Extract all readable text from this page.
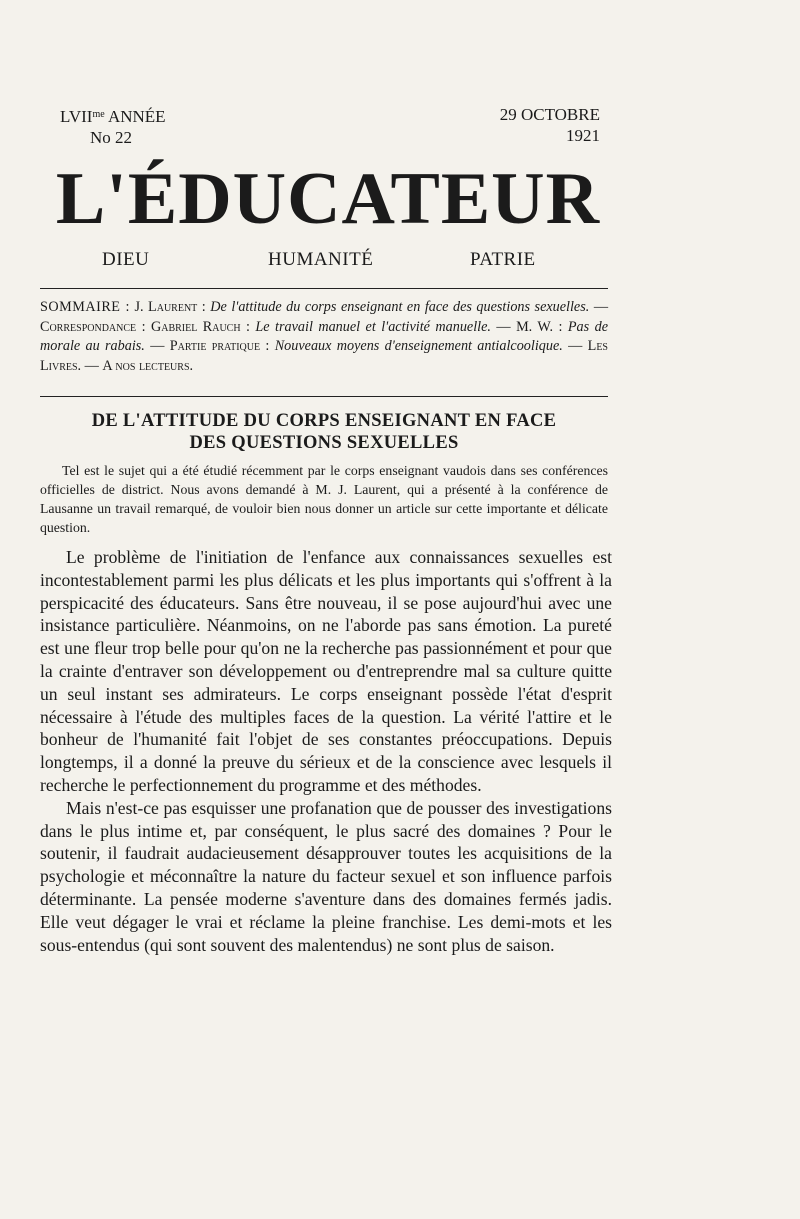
$LVII^{me}$ ANNÉE
No 22
29 OCTOBRE
1921
L'ÉDUCATEUR
DIEU	HUMANITÉ	PATRIE
SOMMAIRE : J. Laurent : De l'attitude du corps enseignant en face des questions sexuelles. — Correspondance : Gabriel Rauch : Le travail manuel et l'activité manuelle. — M. W. : Pas de morale au rabais. — Partie pratique : Nouveaux moyens d'enseignement antialcoolique. — Les Livres. — A nos lecteurs.
DE L'ATTITUDE DU CORPS ENSEIGNANT EN FACE
DES QUESTIONS SEXUELLES
Tel est le sujet qui a été étudié récemment par le corps enseignant vaudois dans ses conférences officielles de district. Nous avons demandé à M. J. Laurent, qui a présenté à la conférence de Lausanne un travail remarqué, de vouloir bien nous donner un article sur cette importante et délicate question.

Le problème de l'initiation de l'enfance aux connaissances sexuelles est incontestablement parmi les plus délicats et les plus importants qui s'offrent à la perspicacité des éducateurs. Sans être nouveau, il se pose aujourd'hui avec une insistance particulière. Néanmoins, on ne l'aborde pas sans émotion. La pureté est une fleur trop belle pour qu'on ne la recherche pas passionnément et pour que la crainte d'entraver son développement ou d'entreprendre mal sa culture quitte un seul instant ses admirateurs. Le corps enseignant possède l'état d'esprit nécessaire à l'étude des multiples faces de la question. La vérité l'attire et le bonheur de l'humanité fait l'objet de ses constantes préoccupations. Depuis longtemps, il a donné la preuve du sérieux et de la conscience avec lesquels il recherche le perfectionnement du programme et des méthodes.

Mais n'est-ce pas esquisser une profanation que de pousser des investigations dans le plus intime et, par conséquent, le plus sacré des domaines ? Pour le soutenir, il faudrait audacieusement désapprouver toutes les acquisitions de la psychologie et méconnaître la nature du facteur sexuel et son influence parfois déterminante. La pensée moderne s'aventure dans des domaines fermés jadis. Elle veut dégager le vrai et réclame la pleine franchise. Les demi-mots et les sous-entendus (qui sont souvent des malentendus) ne sont plus de saison.
